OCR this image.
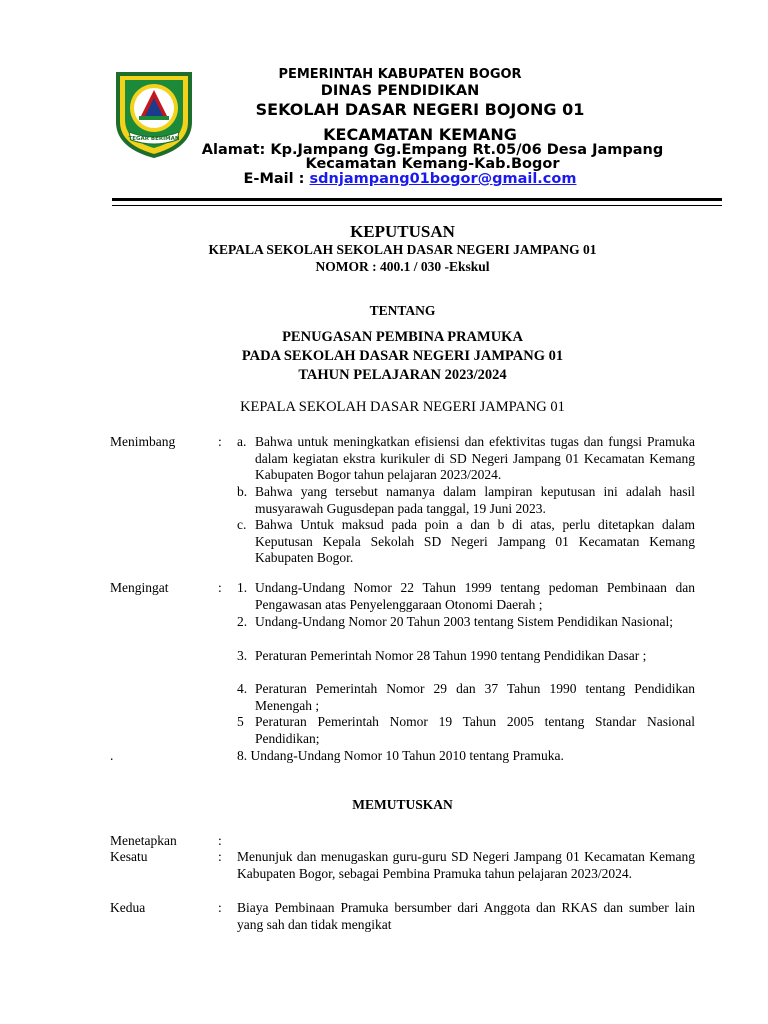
TEGAR BERIMAN
PEMERINTAH KABUPATEN BOGOR
DINAS PENDIDIKAN
SEKOLAH DASAR NEGERI BOJONG 01
KECAMATAN KEMANG
Alamat: Kp.Jampang Gg.Empang Rt.05/06 Desa Jampang Kecamatan Kemang-Kab.Bogor
E-Mail : sdnjampang01bogor@gmail.com
KEPUTUSAN
KEPALA SEKOLAH SEKOLAH DASAR NEGERI JAMPANG 01
NOMOR : 400.1 / 030 -Ekskul
TENTANG
PENUGASAN PEMBINA PRAMUKA
PADA SEKOLAH DASAR NEGERI JAMPANG 01
TAHUN PELAJARAN 2023/2024
KEPALA SEKOLAH DASAR NEGERI JAMPANG 01
Menimbang	: a. Bahwa untuk meningkatkan efisiensi dan efektivitas tugas dan fungsi Pramuka dalam kegiatan ekstra kurikuler di SD Negeri Jampang 01 Kecamatan Kemang Kabupaten Bogor tahun pelajaran 2023/2024.
b. Bahwa yang tersebut namanya dalam lampiran keputusan ini adalah hasil musyarawah Gugusdepan pada tanggal, 19 Juni 2023.
c. Bahwa Untuk maksud pada poin a dan b di atas, perlu ditetapkan dalam Keputusan Kepala Sekolah SD Negeri Jampang 01 Kecamatan Kemang Kabupaten Bogor.
Mengingat	: 1. Undang-Undang Nomor 22 Tahun 1999 tentang pedoman Pembinaan dan Pengawasan atas Penyelenggaraan Otonomi Daerah ;
2. Undang-Undang Nomor 20 Tahun 2003 tentang Sistem Pendidikan Nasional;
3. Peraturan Pemerintah Nomor 28 Tahun 1990 tentang Pendidikan Dasar ;
4. Peraturan Pemerintah Nomor 29 dan 37 Tahun 1990 tentang Pendidikan Menengah ;
5 Peraturan Pemerintah Nomor 19 Tahun 2005 tentang Standar Nasional Pendidikan;
.	8. Undang-Undang Nomor 10 Tahun 2010 tentang Pramuka.
MEMUTUSKAN
Menetapkan	:
Kesatu	: Menunjuk dan menugaskan guru-guru SD Negeri Jampang 01 Kecamatan Kemang Kabupaten Bogor, sebagai Pembina Pramuka tahun pelajaran 2023/2024.
Kedua	: Biaya Pembinaan Pramuka bersumber dari Anggota dan RKAS dan sumber lain yang sah dan tidak mengikat
